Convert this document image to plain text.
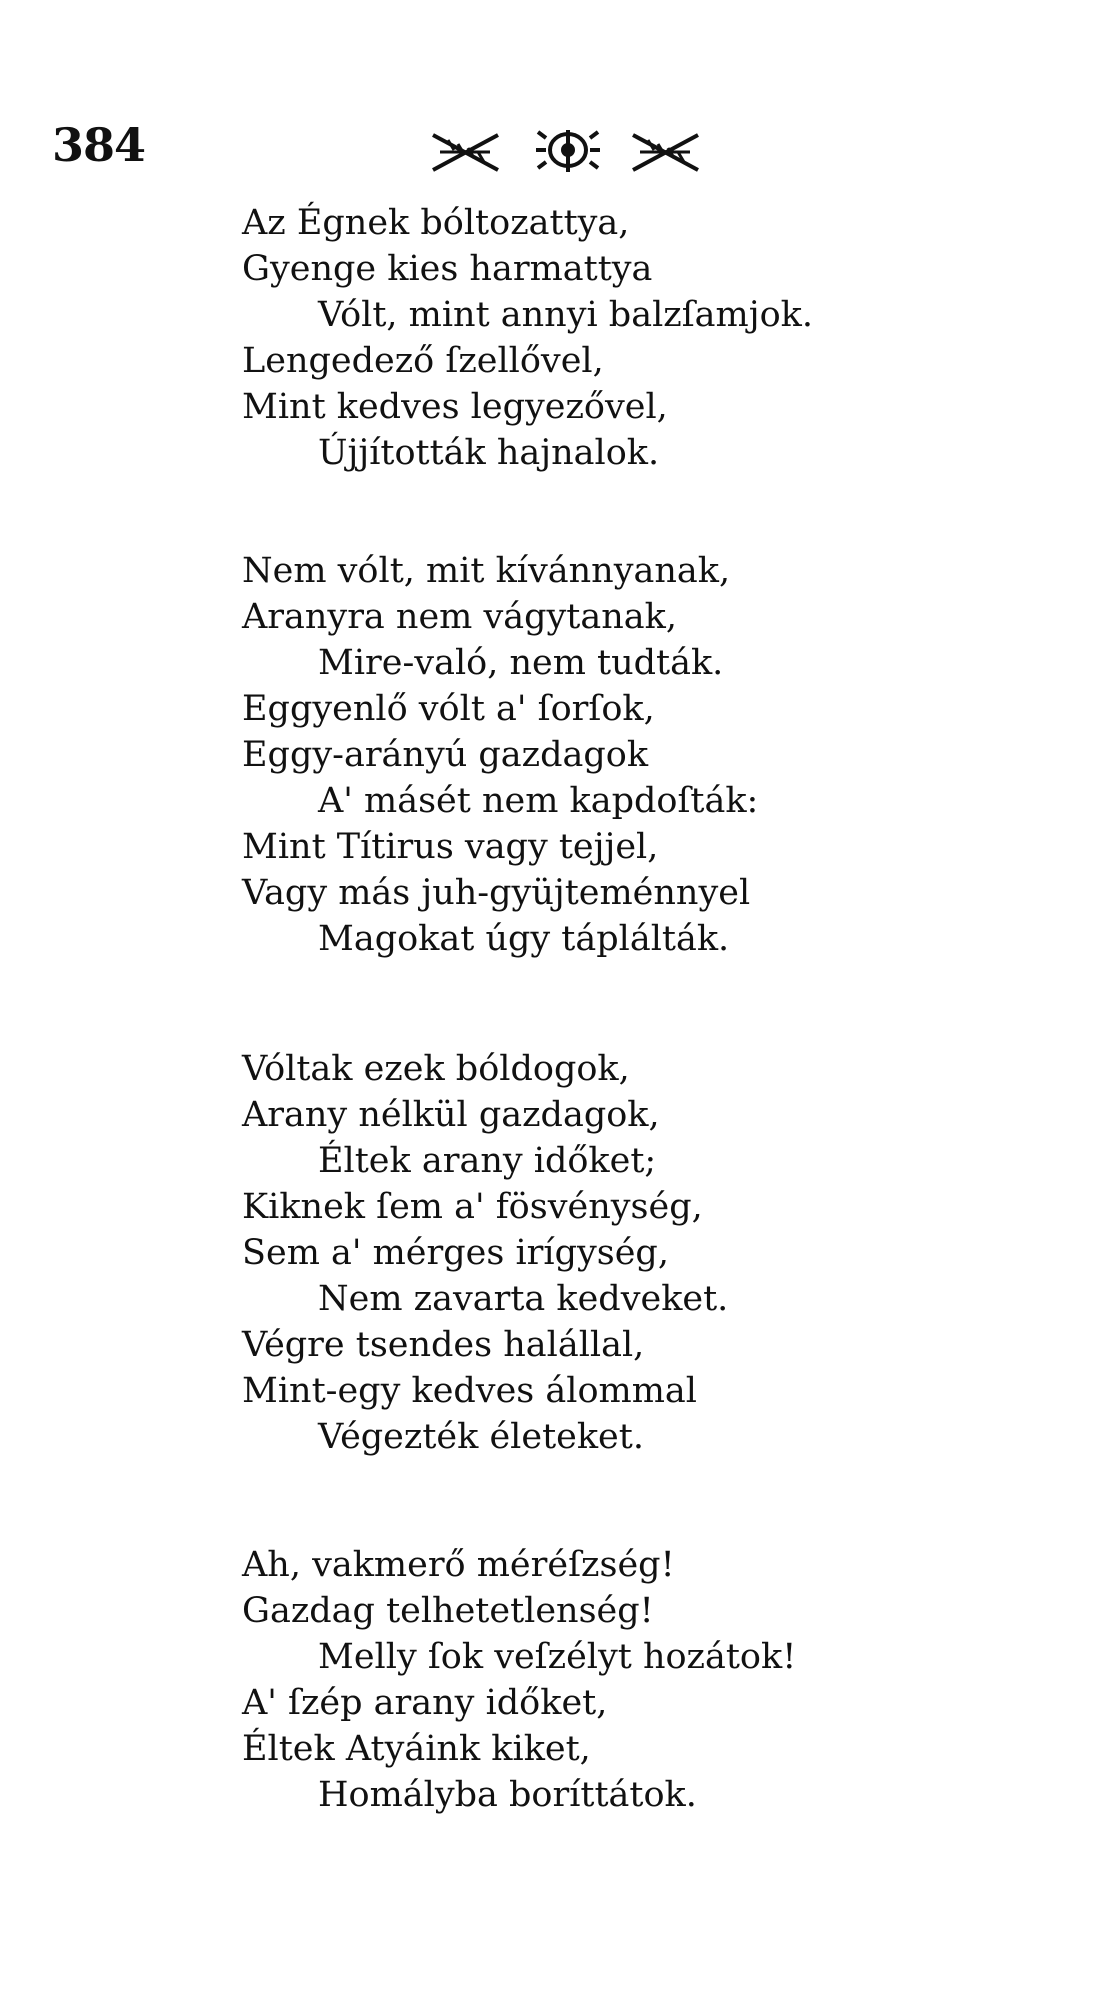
384
Az Égnek bóltozattya,
Gyenge kies harmattya
Vólt, mint annyi balzſamjok.
Lengedező ſzellővel,
Mint kedves legyezővel,
Újjították hajnalok.
Nem vólt, mit kívánnyanak,
Aranyra nem vágytanak,
Mire-való, nem tudták.
Eggyenlő vólt a' ſorſok,
Eggy-arányú gazdagok
A' másét nem kapdoſták:
Mint Títirus vagy tejjel,
Vagy más juh-gyüjteménnyel
Magokat úgy táplálták.
Vóltak ezek bóldogok,
Arany nélkül gazdagok,
Éltek arany időket;
Kiknek ſem a' fösvénység,
Sem a' mérges irígység,
Nem zavarta kedveket.
Végre tsendes halállal,
Mint-egy kedves álommal
Végezték életeket.
Ah, vakmerő méréſzség!
Gazdag telhetetlenség!
Melly ſok veſzélyt hozátok!
A' ſzép arany időket,
Éltek Atyáink kiket,
Homályba boríttátok.
